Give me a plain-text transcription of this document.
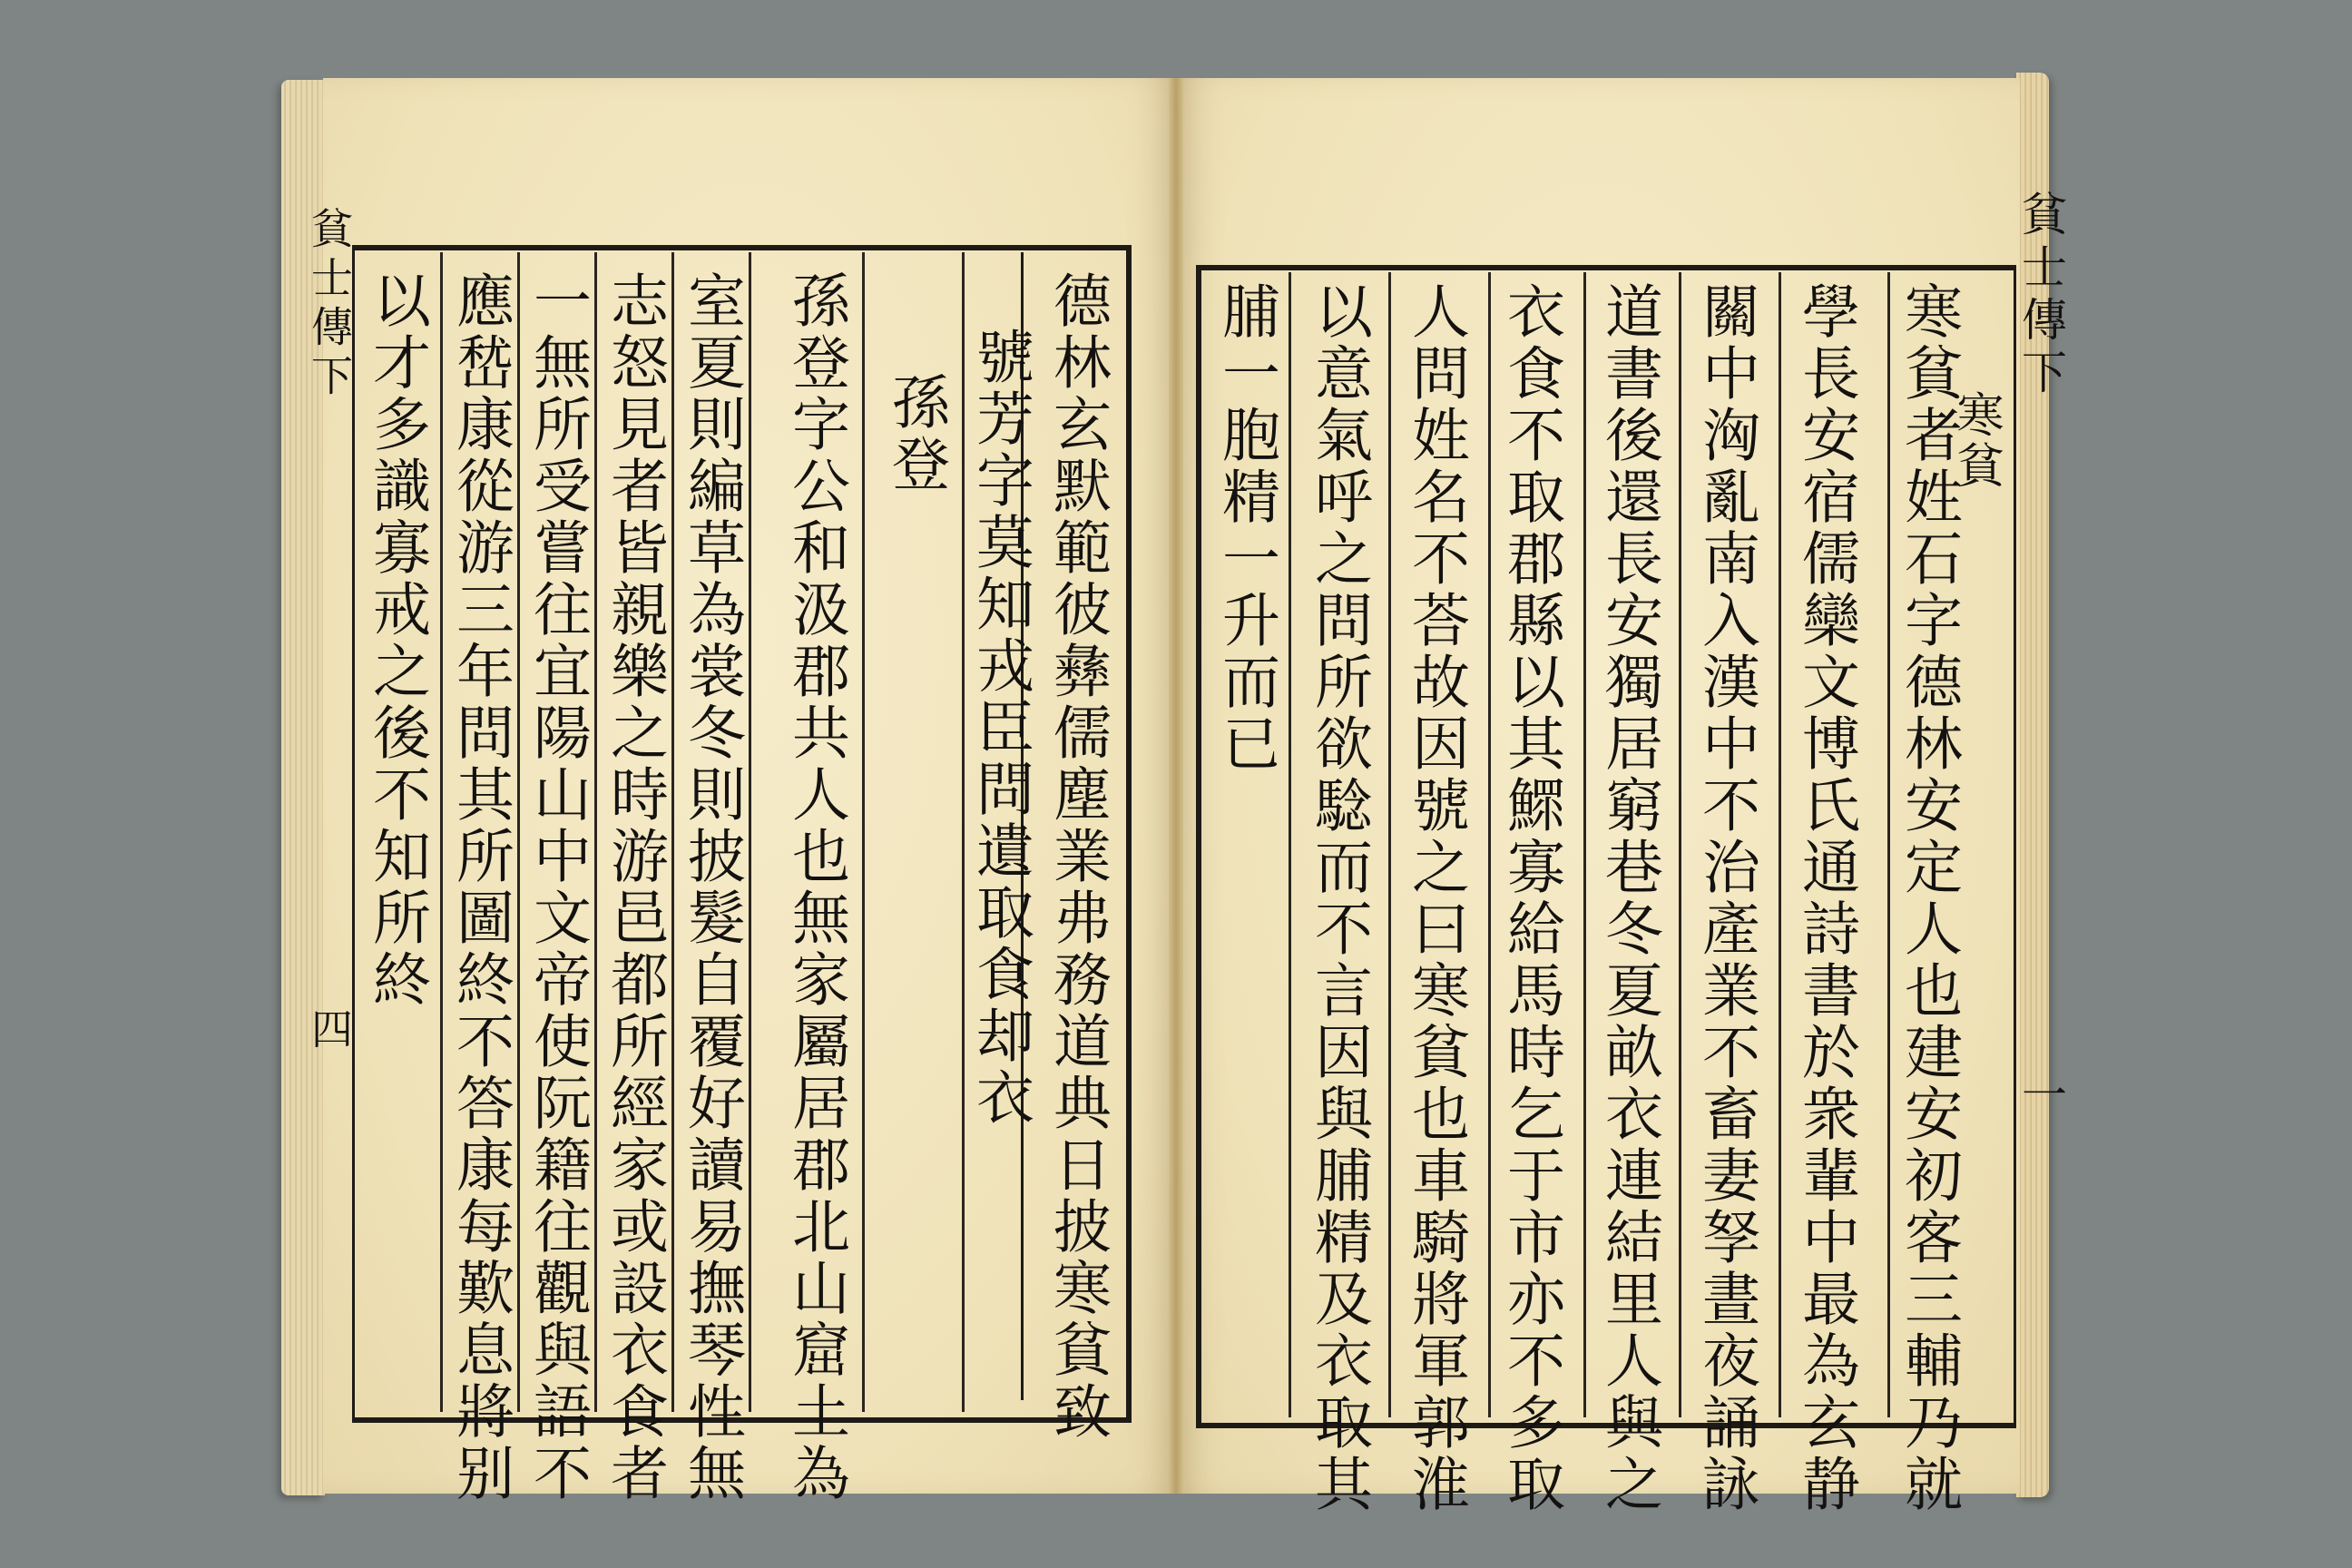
貧士傳下
四
以才多識寡戒之後不知所終 應嵆康從游三年問其所圖終不答康每歎息將别 一無所受嘗往宜陽山中文帝使阮籍往觀與語不 志怒見者皆親樂之時游邑都所經家或設衣食者 室夏則編草為裳冬則披髮自覆好讀易撫琴性無 孫登字公和汲郡共人也無家屬居郡北山窟土為 孫登 號芳字莫知戎臣問遺取食却衣 德林玄默範彼彝儒塵業弗務道典日披寒貧致	貧士傳下
一
寒貧
寒貧者姓石字德林安定人也建安初客三輔乃就
學長安宿儒欒文博氏通詩書於衆輩中最為玄静
關中洶亂南入漢中不治產業不畜妻孥晝夜誦詠
道書後還長安獨居窮巷冬夏畝衣連結里人與之
衣食不取郡縣以其鰥寡給馬時乞于市亦不多取
人問姓名不荅故因號之曰寒貧也車騎將軍郭淮
以意氣呼之問所欲騐而不言因與脯精及衣取其
脯一胞精一升而已
